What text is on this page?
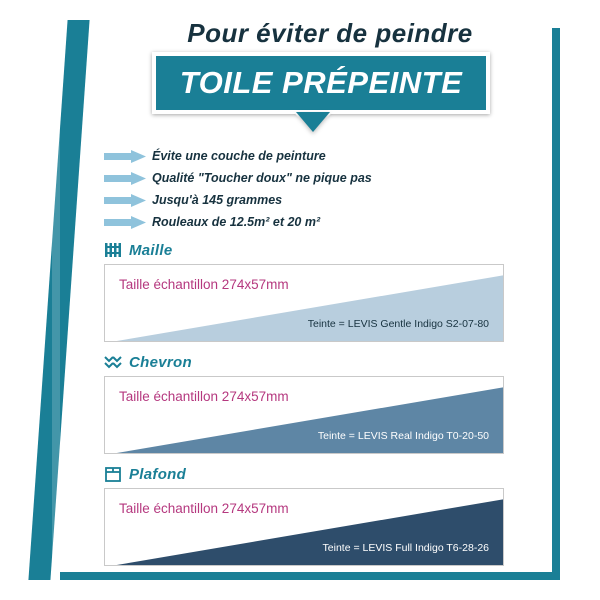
Pour éviter de peindre
TOILE PRÉPEINTE
Évite une couche de peinture
Qualité "Toucher doux" ne pique pas
Jusqu'à 145 grammes
Rouleaux de 12.5m² et 20 m²
Maille
Taille échantillon 274x57mm
Teinte = LEVIS Gentle Indigo S2-07-80
Chevron
Taille échantillon 274x57mm
Teinte = LEVIS Real Indigo T0-20-50
Plafond
Taille échantillon 274x57mm
Teinte = LEVIS Full Indigo T6-28-26
